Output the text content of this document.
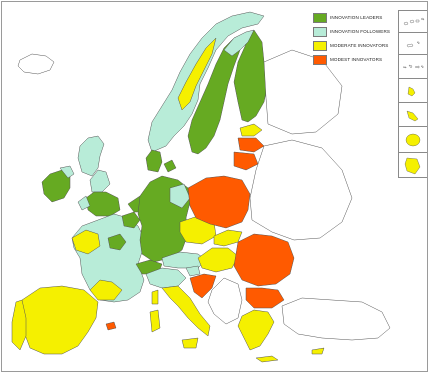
INNOVATION LEADERS
INNOVATION FOLLOWERS
MODERATE INNOVATORS
MODEST INNOVATORS
